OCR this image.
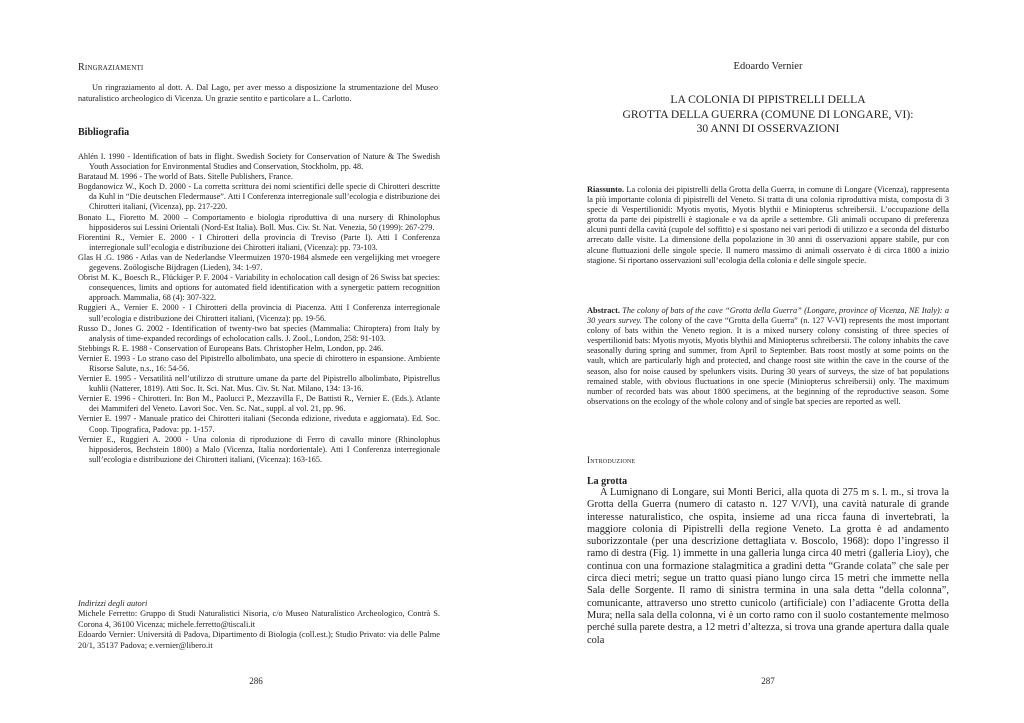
Ringraziamenti
Un ringraziamento al dott. A. Dal Lago, per aver messo a disposizione la strumentazione del Museo naturalistico archeologico di Vicenza. Un grazie sentito e particolare a L. Carlotto.
Bibliografia
Ahlén I. 1990 - Identification of bats in flight. Swedish Society for Conservation of Nature & The Swedish Youth Association for Environmental Studies and Conservation, Stockholm, pp. 48.
Barataud M. 1996 - The world of Bats. Sitelle Publishers, France.
Bogdanowicz W., Koch D. 2000 - La corretta scrittura dei nomi scientifici delle specie di Chirotteri descritte da Kuhl in “Die deutschen Fledermause”. Atti I Conferenza interregionale sull’ecologia e distribuzione dei Chirotteri italiani, (Vicenza), pp. 217-220.
Bonato L., Fioretto M. 2000 – Comportamento e biologia riproduttiva di una nursery di Rhinolophus hipposideros sui Lessini Orientali (Nord-Est Italia). Boll. Mus. Civ. St. Nat. Venezia, 50 (1999): 267-279.
Fiorentini R., Vernier E. 2000 - I Chirotteri della provincia di Treviso (Parte I). Atti I Conferenza interregionale sull’ecologia e distribuzione dei Chirotteri italiani, (Vicenza): pp. 73-103.
Glas H .G. 1986 - Atlas van de Nederlandse Vleermuizen 1970-1984 alsmede een vergelijking met vroegere gegevens. Zoölogische Bijdragen (Lieden), 34: 1-97.
Obrist M. K., Boesch R., Flückiger P. F. 2004 - Variability in echolocation call design of 26 Swiss bat species: consequences, limits and options for automated field identification with a synergetic pattern recognition approach. Mammalia, 68 (4): 307-322.
Ruggieri A., Vernier E. 2000 - I Chirotteri della provincia di Piacenza. Atti I Conferenza interregionale sull’ecologia e distribuzione dei Chirotteri italiani, (Vicenza): pp. 19-56.
Russo D., Jones G. 2002 - Identification of twenty-two bat species (Mammalia: Chiroptera) from Italy by analysis of time-expanded recordings of echolocation calls. J. Zool., London, 258: 91-103.
Stebbings R. E. 1988 - Conservation of Europeans Bats. Christopher Helm, London, pp. 246.
Vernier E. 1993 - Lo strano caso del Pipistrello albolimbato, una specie di chirottero in espansione. Ambiente Risorse Salute, n.s., 16: 54-56.
Vernier E. 1995 - Versatilità nell’utilizzo di strutture umane da parte del Pipistrello albolimbato, Pipistrellus kuhlii (Natterer, 1819). Atti Soc. It. Sci. Nat. Mus. Civ. St. Nat. Milano, 134: 13-16.
Vernier E. 1996 - Chirotteri. In: Bon M., Paolucci P., Mezzavilla F., De Battisti R., Vernier E. (Eds.). Atlante dei Mammiferi del Veneto. Lavori Soc. Ven. Sc. Nat., suppl. al vol. 21, pp. 96.
Vernier E. 1997 - Manuale pratico dei Chirotteri italiani (Seconda edizione, riveduta e aggiornata). Ed. Soc. Coop. Tipografica, Padova: pp. 1-157.
Vernier E., Ruggieri A. 2000 - Una colonia di riproduzione di Ferro di cavallo minore (Rhinolophus hipposideros, Bechstein 1800) a Malo (Vicenza, Italia nordorientale). Atti I Conferenza interregionale sull’ecologia e distribuzione dei Chirotteri italiani, (Vicenza): 163-165.
Indirizzi degli autori
Michele Ferretto: Gruppo di Studi Naturalistici Nisoria, c/o Museo Naturalistico Archeologico, Contrà S. Corona 4, 36100 Vicenza; michele.ferretto@tiscali.it
Edoardo Vernier: Università di Padova, Dipartimento di Biologia (coll.est.); Studio Privato: via delle Palme 20/1, 35137 Padova; e.vernier@libero.it
286
Edoardo Vernier
LA COLONIA DI PIPISTRELLI DELLA
GROTTA DELLA GUERRA (COMUNE DI LONGARE, VI):
30 ANNI DI OSSERVAZIONI
Riassunto. La colonia dei pipistrelli della Grotta della Guerra, in comune di Longare (Vicenza), rappresenta la più importante colonia di pipistrelli del Veneto. Si tratta di una colonia riproduttiva mista, composta di 3 specie di Vespertilionidi: Myotis myotis, Myotis blythii e Miniopterus schreibersii. L’occupazione della grotta da parte dei pipistrelli è stagionale e va da aprile a settembre. Gli animali occupano di preferenza alcuni punti della cavità (cupole del soffitto) e si spostano nei vari periodi di utilizzo e a seconda del disturbo arrecato dalle visite. La dimensione della popolazione in 30 anni di osservazioni appare stabile, pur con alcune fluttuazioni delle singole specie. Il numero massimo di animali osservato è di circa 1800 a inizio stagione. Si riportano osservazioni sull’ecologia della colonia e delle singole specie.
Abstract. The colony of bats of the cave “Grotta della Guerra” (Longare, province of Vicenza, NE Italy): a 30 years survey. The colony of the cave “Grotta della Guerra” (n. 127 V-VI) represents the most important colony of bats within the Veneto region. It is a mixed nursery colony consisting of three species of vespertilionid bats: Myotis myotis, Myotis blythii and Miniopterus schreibersii. The colony inhabits the cave seasonally during spring and summer, from April to September. Bats roost mostly at some points on the vault, which are particularly high and protected, and change roost site within the cave in the course of the season, also for noise caused by spelunkers visits. During 30 years of surveys, the size of bat populations remained stable, with obvious fluctuations in one specie (Miniopterus schreibersii) only. The maximum number of recorded bats was about 1800 specimens, at the beginning of the reproductive season. Some observations on the ecology of the whole colony and of single bat species are reported as well.
Introduzione
La grotta
A Lumignano di Longare, sui Monti Berici, alla quota di 275 m s. l. m., si trova la Grotta della Guerra (numero di catasto n. 127 V/VI), una cavità naturale di grande interesse naturalistico, che ospita, insieme ad una ricca fauna di invertebrati, la maggiore colonia di Pipistrelli della regione Veneto. La grotta è ad andamento suborizzontale (per una descrizione dettagliata v. Boscolo, 1968): dopo l’ingresso il ramo di destra (Fig. 1) immette in una galleria lunga circa 40 metri (galleria Lioy), che continua con una formazione stalagmitica a gradini detta “Grande colata” che sale per circa dieci metri; segue un tratto quasi piano lungo circa 15 metri che immette nella Sala delle Sorgente. Il ramo di sinistra termina in una sala detta “della colonna”, comunicante, attraverso uno stretto cunicolo (artificiale) con l’adiacente Grotta della Mura; nella sala della colonna, vi è un corto ramo con il suolo costantemente melmoso perché sulla parete destra, a 12 metri d’altezza, si trova una grande apertura dalla quale cola
287
